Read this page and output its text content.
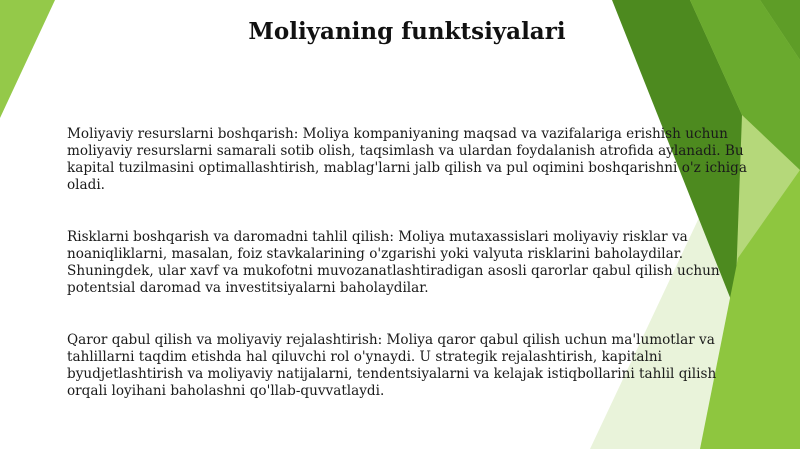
Moliyaning funktsiyalari

Moliyaviy resurslarni boshqarish: Moliya kompaniyaning maqsad va vazifalariga erishish uchun moliyaviy resurslarni samarali sotib olish, taqsimlash va ulardan foydalanish atrofida aylanadi. Bu kapital tuzilmasini optimallashtirish, mablag'larni jalb qilish va pul oqimini boshqarishni o'z ichiga oladi.

Risklarni boshqarish va daromadni tahlil qilish: Moliya mutaxassislari moliyaviy risklar va noaniqliklarni, masalan, foiz stavkalarining o'zgarishi yoki valyuta risklarini baholaydilar. Shuningdek, ular xavf va mukofotni muvozanatlashtiradigan asosli qarorlar qabul qilish uchun potentsial daromad va investitsiyalarni baholaydilar.

Qaror qabul qilish va moliyaviy rejalashtirish: Moliya qaror qabul qilish uchun ma'lumotlar va tahlillarni taqdim etishda hal qiluvchi rol o'ynaydi. U strategik rejalashtirish, kapitalni byudjetlashtirish va moliyaviy natijalarni, tendentsiyalarni va kelajak istiqbollarini tahlil qilish orqali loyihani baholashni qo'llab-quvvatlaydi.
